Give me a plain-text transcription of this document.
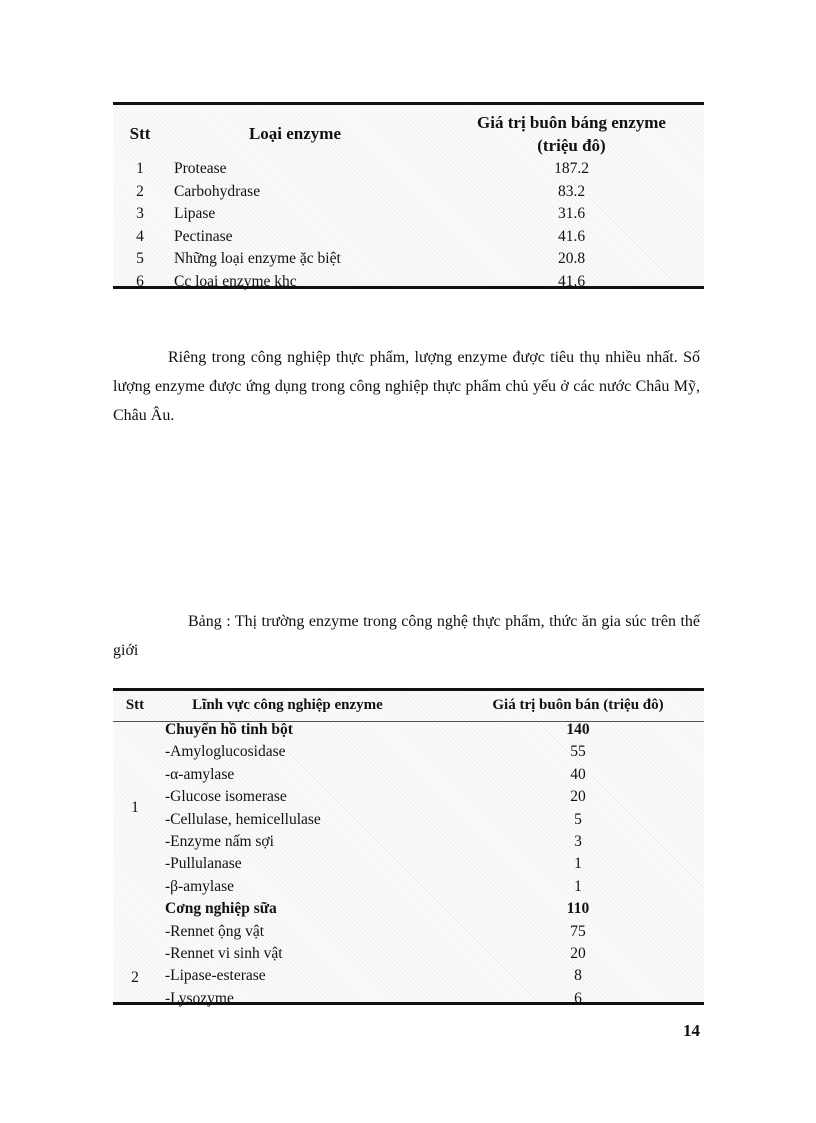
Stt	Loại enzyme
Giá trị buôn báng enzyme
(triệu đô)
1	Protease	187.2
2	Carbohydrase	83.2
3	Lipase	31.6
4	Pectinase	41.6
5	Những loại enzyme ặc biệt	20.8
6	Cc loại enzyme khc	41.6
Riêng trong công nghiệp thực phẩm, lượng enzyme được tiêu thụ nhiều nhất. Số lượng enzyme được ứng dụng trong công nghiệp thực phẩm chủ yếu ở các nước Châu Mỹ, Châu Âu.
Bảng : Thị trường enzyme trong công nghệ thực phẩm, thức ăn gia súc trên thế giới
Stt	Lĩnh vực công nghiệp enzyme	Giá trị buôn bán (triệu đô)
1
Chuyển hồ tinh bột	140
-Amyloglucosidase	55
-α-amylase	40
-Glucose isomerase	20
-Cellulase, hemicellulase	5
-Enzyme nấm sợi	3
-Pullulanase	1
-β-amylase	1
2
Cơng nghiệp sữa	110
-Rennet ộng vật	75
-Rennet vi sinh vật	20
-Lipase-esterase	8
-Lysozyme	6
14
